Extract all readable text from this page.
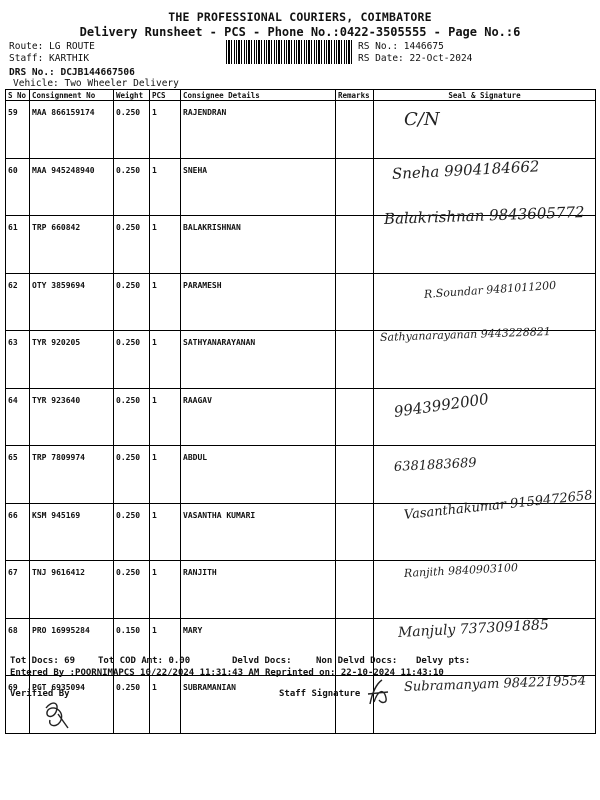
THE PROFESSIONAL COURIERS, COIMBATORE
Delivery Runsheet - PCS - Phone No.:0422-3505555 - Page No.:6
Route: LG ROUTE
Staff: KARTHIK
DRS No.: DCJB144667506
Vehicle: Two Wheeler Delivery
RS No.: 1446675
RS Date: 22-Oct-2024
S No	Consignment No	Weight	PCS	Consignee Details	Remarks	Seal & Signature
59	MAA 866159174	0.250	1	RAJENDRAN		C/N

60	MAA 945248940	0.250	1	SNEHA		Sneha 9904184662

61	TRP 660842	0.250	1	BALAKRISHNAN		Balakrishnan 9843605772

62	OTY 3859694	0.250	1	PARAMESH		R.Soundar 9481011200

63	TYR 920205	0.250	1	SATHYANARAYANAN		Sathyanarayanan 9443228821

64	TYR 923640	0.250	1	RAAGAV		9943992000

65	TRP 7809974	0.250	1	ABDUL		6381883689

66	KSM 945169	0.250	1	VASANTHA KUMARI		Vasanthakumar 9159472658

67	TNJ 9616412	0.250	1	RANJITH		Ranjith 9840903100

68	PRO 16995284	0.150	1	MARY		Manjuly 7373091885

69	PGT 6935094	0.250	1	SUBRAMANIAN		Subramanyam 9842219554
Tot Docs: 69	Tot COD Amt: 0.00	Delvd Docs:	Non Delvd Docs: Delvy pts:
Entered By :POORNIMAPCS 10/22/2024 11:31:43 AM Reprinted on: 22-10-2024 11:43:10
Verified By	Staff Signature
